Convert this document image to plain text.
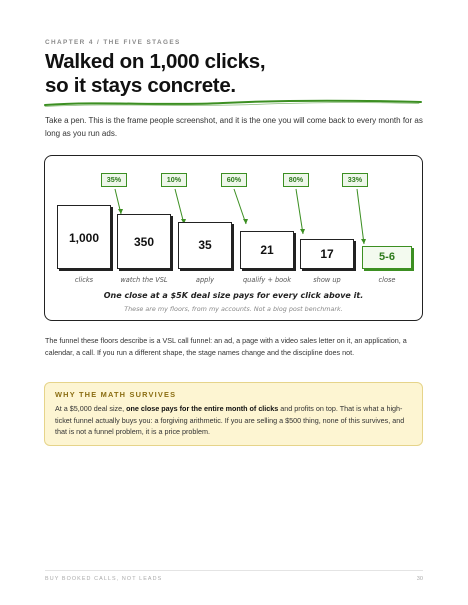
CHAPTER 4 / THE FIVE STAGES
Walked on 1,000 clicks,
so it stays concrete.

Take a pen. This is the frame people screenshot, and it is the one you will come back to every month for as long as you run ads.

35%	10%	60%	80%	33%
1,000	350	35	21	17	5-6
clicks	watch the VSL	apply	qualify + book	show up	close
One close at a $5K deal size pays for every click above it.
These are my floors, from my accounts. Not a blog post benchmark.

The funnel these floors describe is a VSL call funnel: an ad, a page with a video sales letter on it, an application, a calendar, a call. If you run a different shape, the stage names change and the discipline does not.

WHY THE MATH SURVIVES

At a $5,000 deal size, one close pays for the entire month of clicks and profits on top. That is what a high-ticket funnel actually buys you: a forgiving arithmetic. If you are selling a $500 thing, none of this survives, and that is not a funnel problem, it is a price problem.

BUY BOOKED CALLS, NOT LEADS	30
